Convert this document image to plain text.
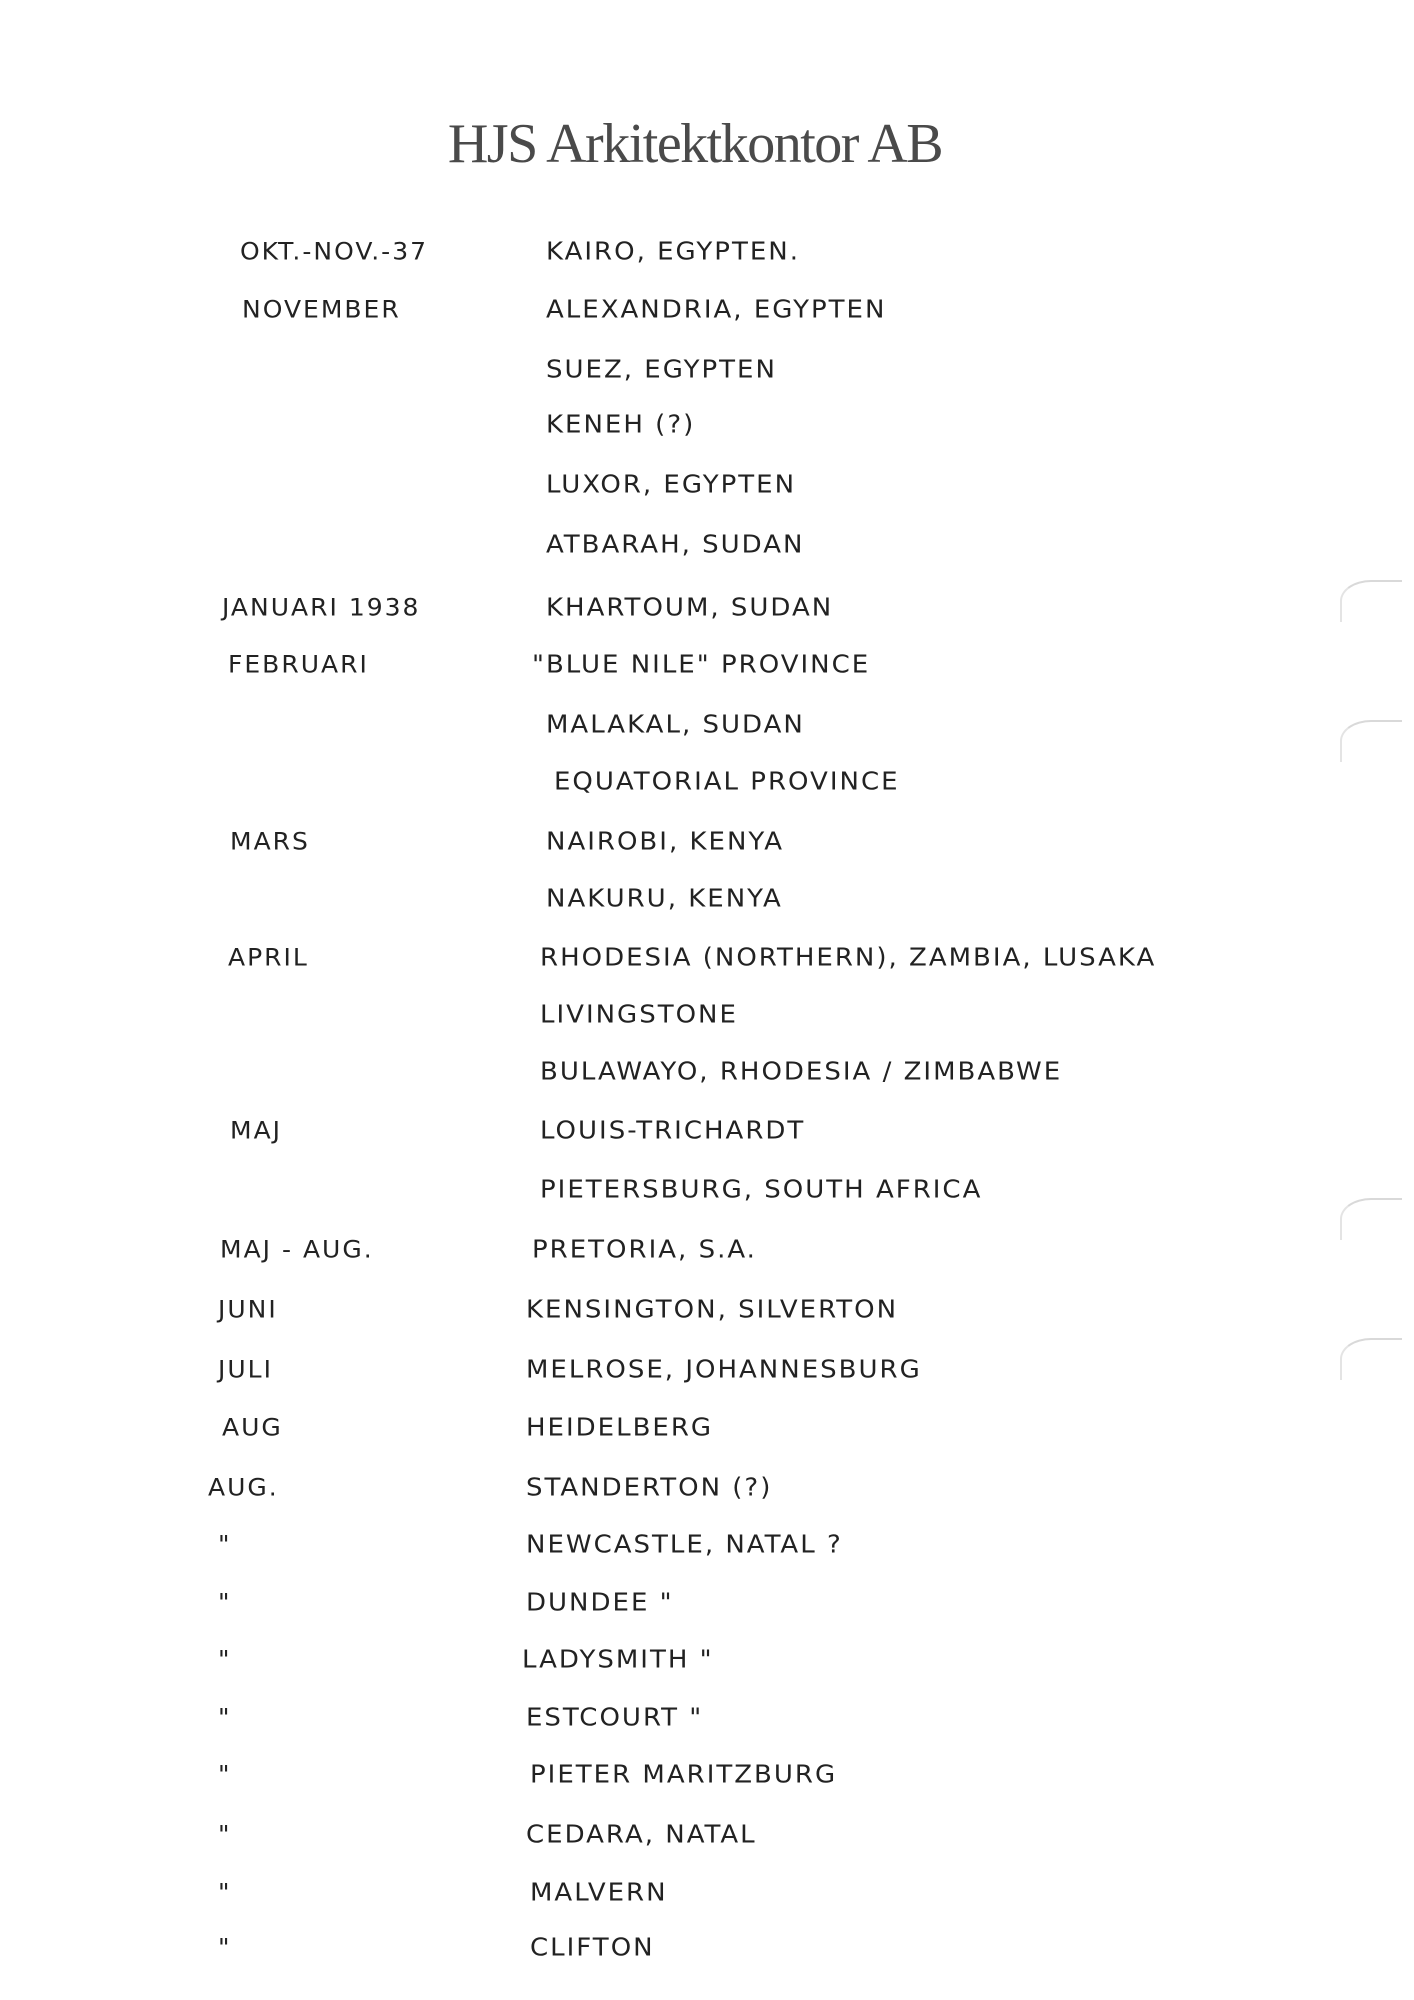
HJS Arkitektkontor AB
OKT.-NOV.-37	KAIRO, EGYPTEN.
NOVEMBER	ALEXANDRIA, EGYPTEN
SUEZ, EGYPTEN
KENEH (?)
LUXOR, EGYPTEN
ATBARAH, SUDAN
JANUARI 1938	KHARTOUM, SUDAN
FEBRUARI	"BLUE NILE" PROVINCE
MALAKAL, SUDAN
EQUATORIAL PROVINCE
MARS	NAIROBI, KENYA
NAKURU, KENYA
APRIL	RHODESIA (NORTHERN), ZAMBIA, LUSAKA
LIVINGSTONE
BULAWAYO, RHODESIA / ZIMBABWE
MAJ	LOUIS-TRICHARDT
PIETERSBURG, SOUTH AFRICA
MAJ - AUG.	PRETORIA, S.A.
JUNI	KENSINGTON, SILVERTON
JULI	MELROSE, JOHANNESBURG
AUG	HEIDELBERG
AUG.	STANDERTON (?)
"	NEWCASTLE, NATAL ?
"	DUNDEE "
"	LADYSMITH "
"	ESTCOURT "
"	PIETER MARITZBURG
"	CEDARA, NATAL
"	MALVERN
"	CLIFTON
